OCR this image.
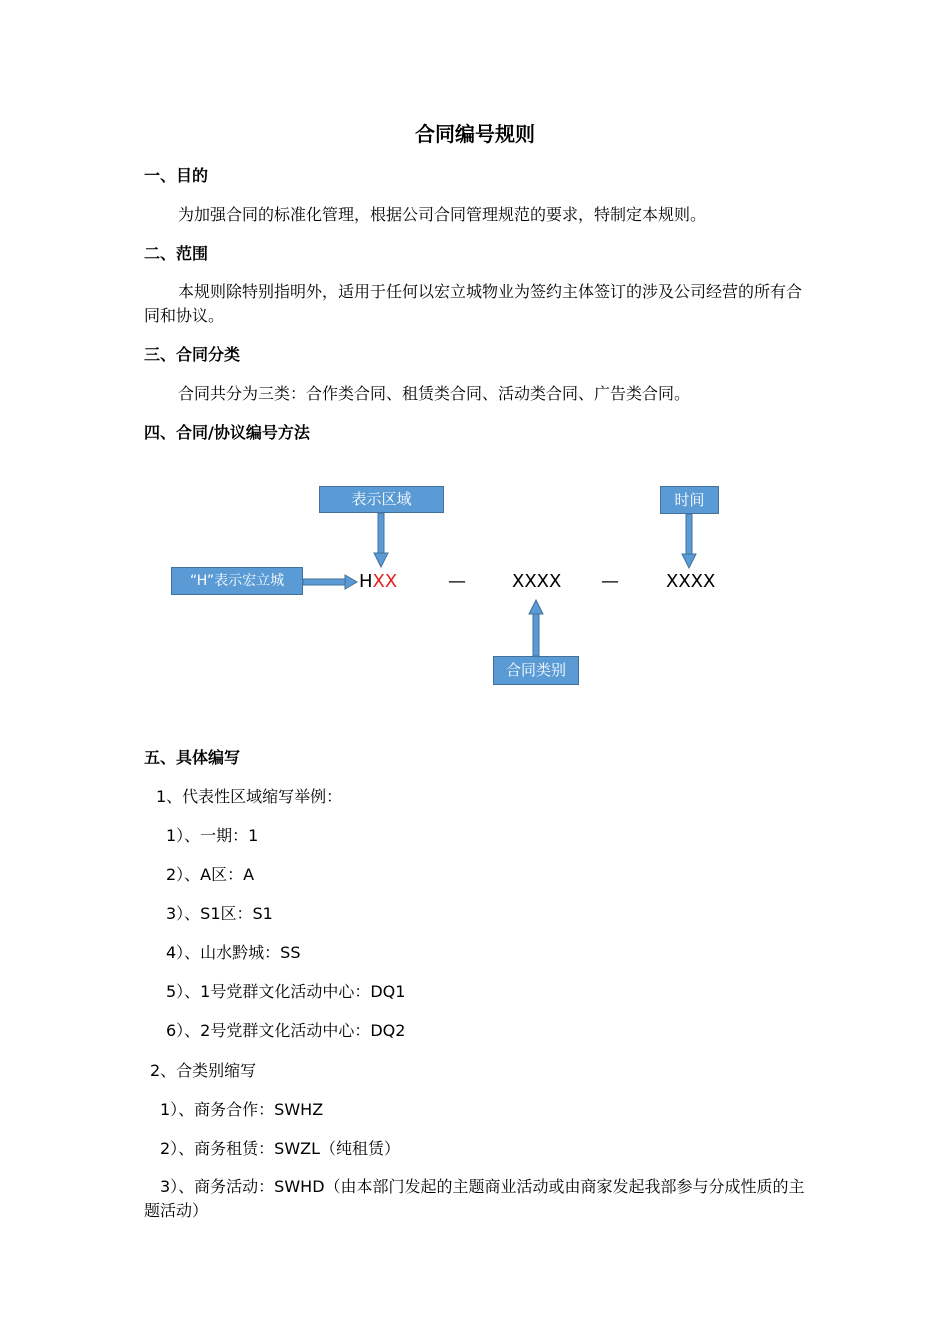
合同编号规则
一、目的
为加强合同的标准化管理，根据公司合同管理规范的要求，特制定本规则。
二、范围
本规则除特别指明外，适用于任何以宏立城物业为签约主体签订的涉及公司经营的所有合同和协议。
三、合同分类
合同共分为三类：合作类合同、租赁类合同、活动类合同、广告类合同。
四、合同/协议编号方法
表示区域	时间
“H”表示宏立城
合同类别
HXX	—	XXXX —	XXXX
五、具体编写
1、代表性区域缩写举例：
1）、一期：1
2）、A区：A
3）、S1区：S1
4）、山水黔城：SS
5）、1号党群文化活动中心：DQ1
6）、2号党群文化活动中心：DQ2
2、合类别缩写
1）、商务合作：SWHZ
2）、商务租赁：SWZL（纯租赁）
3）、商务活动：SWHD（由本部门发起的主题商业活动或由商家发起我部参与分成性质的主题活动）
